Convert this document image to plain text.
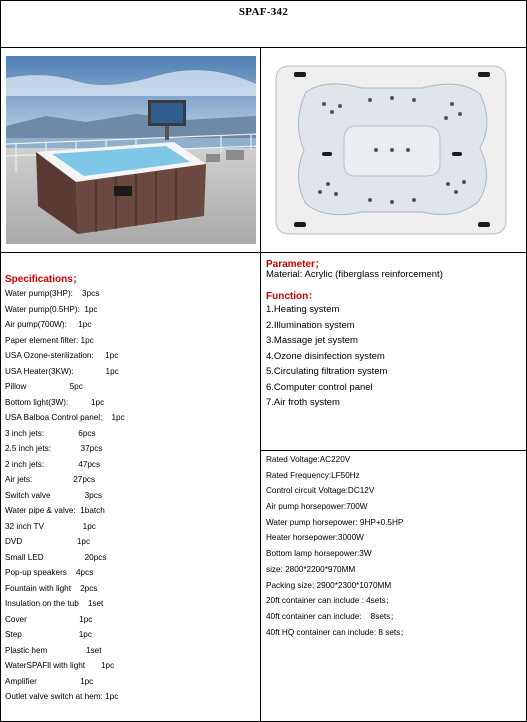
SPAF-342
Specifications；
Water pump(3HP):    3pcs
Water pump(0.5HP):  1pc
Air pump(700W):     1pc
Paper element filter: 1pc
USA Ozone-sterilization:     1pc
USA Heater(3KW):              1pc
Pillow                   5pc
Bottom light(3W):          1pc
USA Balboa Control panel:    1pc
3 inch jets:               6pcs
2.5 inch jets:             37pcs
2 inch jets:               47pcs
Air jets:                  27pcs
Switch valve               3pcs
Water pipe & valve:  1batch
32 inch TV                 1pc
DVD                        1pc
Small LED                  20pcs
Pop-up speakers    4pcs
Fountain with light    2pcs
Insulation on the tub    1set
Cover                       1pc
Step                         1pc
Plastic hem                 1set
WaterSPAFll with light       1pc
Amplifier                   1pc
Outlet valve switch at hem: 1pc
Parameter；
Material: Acrylic (fiberglass reinforcement)
Function：
1.Heating system
2.Illumination system
3.Massage jet system
4.Ozone disinfection system
5.Circulating filtration system
6.Computer control panel
7.Air froth system
Rated Voltage:AC220V
Rated Frequency:LF50Hz
Control circuit Voltage:DC12V
Air pump horsepower:700W
Water pump horsepower: 9HP+0.5HP
Heater horsepower:3000W
Bottom lamp horsepower:3W
size: 2800*2200*970MM
Packing size: 2900*2300*1070MM
20ft container can include : 4sets；
40ft container can include:    8sets；
40ft HQ container can include: 8 sets；
